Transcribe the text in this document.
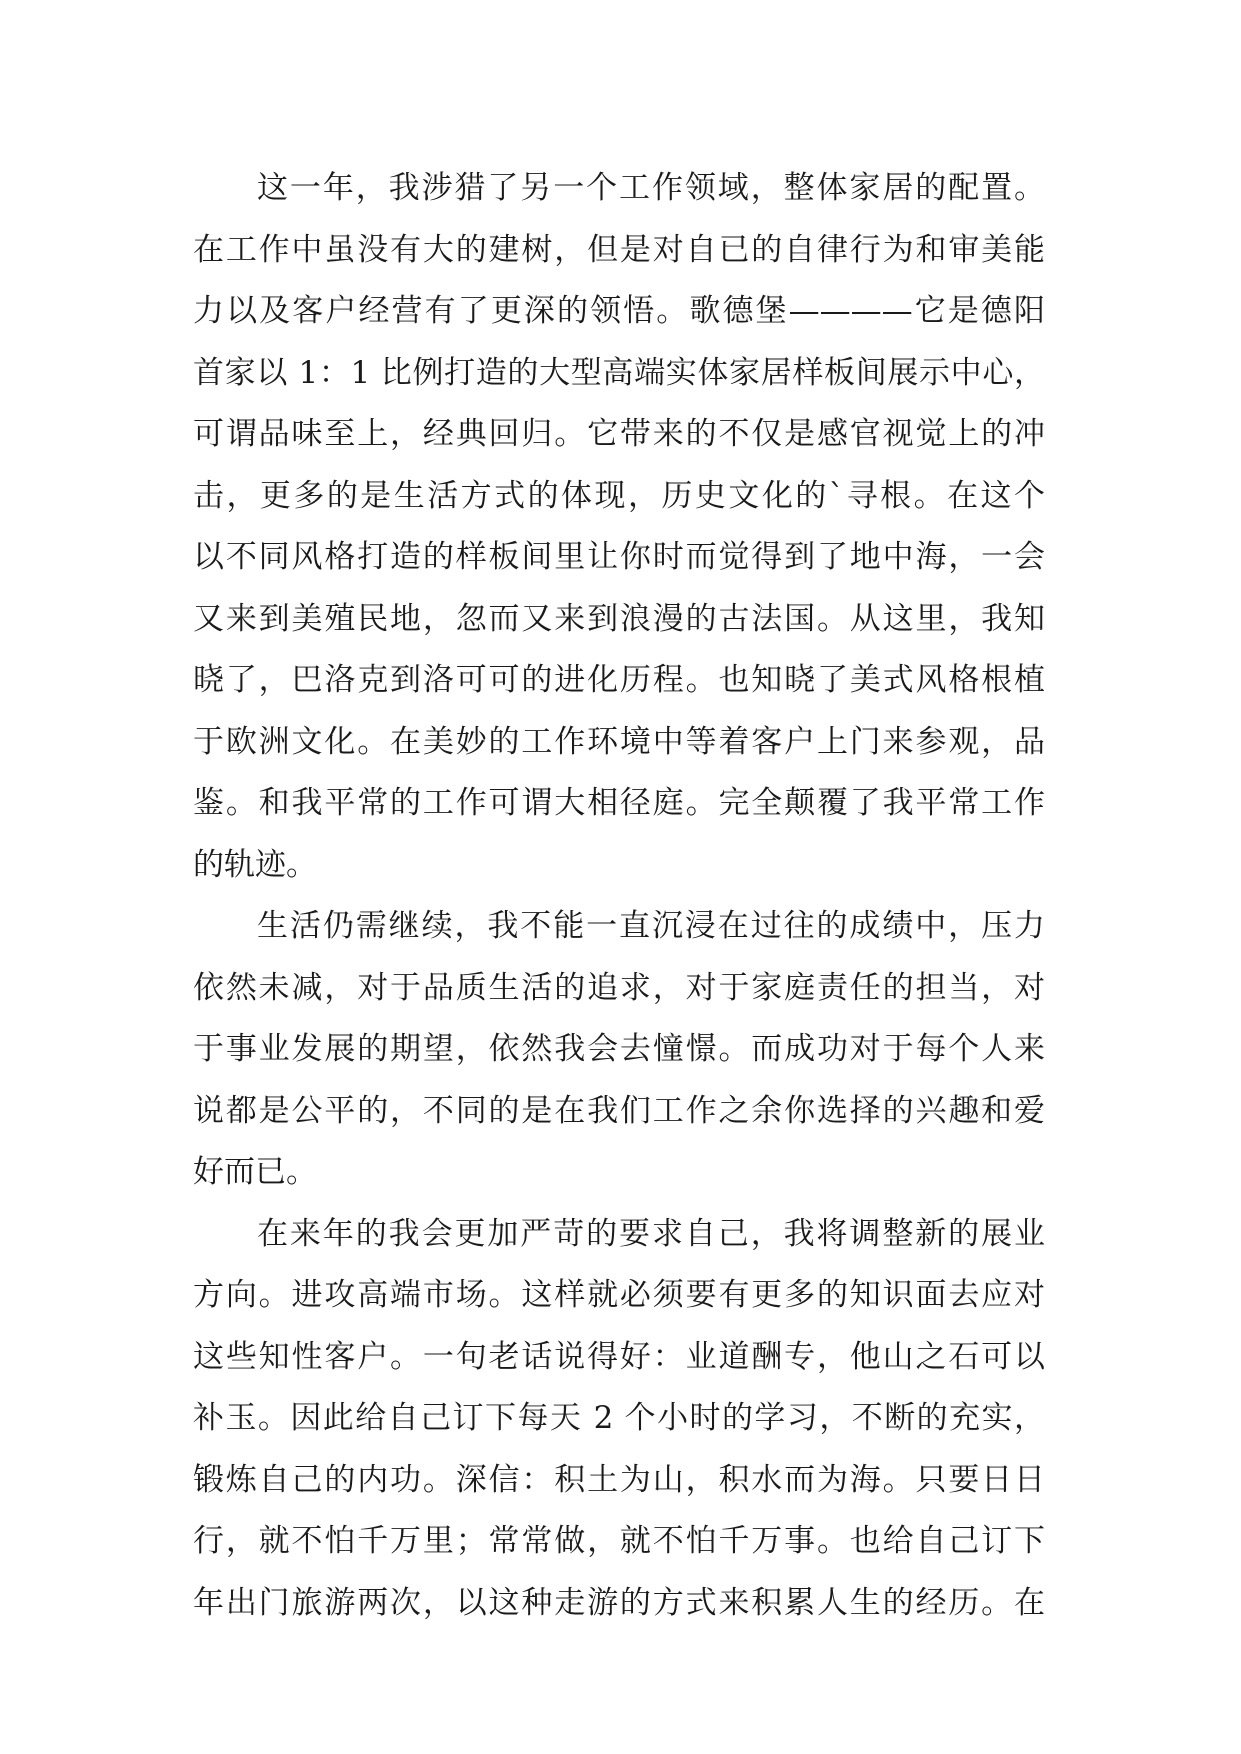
这一年，我涉猎了另一个工作领域，整体家居的配置。
在工作中虽没有大的建树，但是对自已的自律行为和审美能
力以及客户经营有了更深的领悟。歌德堡————它是德阳
首家以 1：1 比例打造的大型高端实体家居样板间展示中心，
可谓品味至上，经典回归。它带来的不仅是感官视觉上的冲
击，更多的是生活方式的体现，历史文化的`寻根。在这个
以不同风格打造的样板间里让你时而觉得到了地中海，一会
又来到美殖民地，忽而又来到浪漫的古法国。从这里，我知
晓了，巴洛克到洛可可的进化历程。也知晓了美式风格根植
于欧洲文化。在美妙的工作环境中等着客户上门来参观，品
鉴。和我平常的工作可谓大相径庭。完全颠覆了我平常工作
的轨迹。
生活仍需继续，我不能一直沉浸在过往的成绩中，压力
依然未减，对于品质生活的追求，对于家庭责任的担当，对
于事业发展的期望，依然我会去憧憬。而成功对于每个人来
说都是公平的，不同的是在我们工作之余你选择的兴趣和爱
好而已。
在来年的我会更加严苛的要求自己，我将调整新的展业
方向。进攻高端市场。这样就必须要有更多的知识面去应对
这些知性客户。一句老话说得好：业道酬专，他山之石可以
补玉。因此给自己订下每天 2 个小时的学习，不断的充实，
锻炼自己的内功。深信：积土为山，积水而为海。只要日日
行，就不怕千万里；常常做，就不怕千万事。也给自己订下
年出门旅游两次，以这种走游的方式来积累人生的经历。在
